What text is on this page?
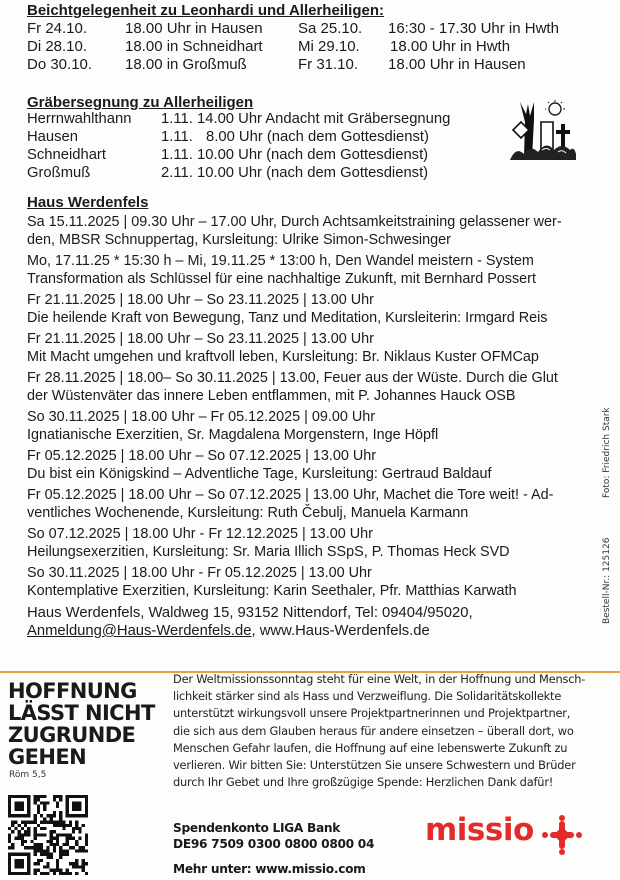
Beichtgelegenheit zu Leonhardi und Allerheiligen:
Fr 24.10.	18.00 Uhr in Hausen Sa 25.10. 16:30 - 17.30 Uhr in Hwth
Di 28.10.	18.00 in Schneidhart Mi 29.10. 18.00 Uhr in Hwth
Do 30.10. 18.00 in Großmuß	Fr 31.10. 18.00 Uhr in Hausen
Gräbersegnung zu Allerheiligen
Herrnwahlthann 1.11. 14.00 Uhr Andacht mit Gräbersegnung
Hausen	1.11. 8.00 Uhr (nach dem Gottesdienst)
Schneidhart	1.11. 10.00 Uhr (nach dem Gottesdienst)
Großmuß	2.11. 10.00 Uhr (nach dem Gottesdienst)
Haus Werdenfels

Sa 15.11.2025 | 09.30 Uhr – 17.00 Uhr, Durch Achtsamkeitstraining gelassener wer-

den, MBSR Schnuppertag, Kursleitung: Ulrike Simon-Schwesinger

Mo, 17.11.25 * 15:30 h – Mi, 19.11.25 * 13:00 h, Den Wandel meistern - System

Transformation als Schlüssel für eine nachhaltige Zukunft, mit Bernhard Possert

Fr 21.11.2025 | 18.00 Uhr – So 23.11.2025 | 13.00 Uhr

Die heilende Kraft von Bewegung, Tanz und Meditation, Kursleiterin: Irmgard Reis

Fr 21.11.2025 | 18.00 Uhr – So 23.11.2025 | 13.00 Uhr

Mit Macht umgehen und kraftvoll leben, Kursleitung: Br. Niklaus Kuster OFMCap

Fr 28.11.2025 | 18.00– So 30.11.2025 | 13.00, Feuer aus der Wüste. Durch die Glut

der Wüstenväter das innere Leben entflammen, mit P. Johannes Hauck OSB

So 30.11.2025 | 18.00 Uhr – Fr 05.12.2025 | 09.00 Uhr

Ignatianische Exerzitien, Sr. Magdalena Morgenstern, Inge Höpfl

Fr 05.12.2025 | 18.00 Uhr – So 07.12.2025 | 13.00 Uhr

Du bist ein Königskind – Adventliche Tage, Kursleitung: Gertraud Baldauf

Fr 05.12.2025 | 18.00 Uhr – So 07.12.2025 | 13.00 Uhr, Machet die Tore weit! - Ad-

ventliches Wochenende, Kursleitung: Ruth Čebulj, Manuela Karmann

So 07.12.2025 | 18.00 Uhr - Fr 12.12.2025 | 13.00 Uhr

Heilungsexerzitien, Kursleitung: Sr. Maria Illich SSpS, P. Thomas Heck SVD

So 30.11.2025 | 18.00 Uhr - Fr 05.12.2025 | 13.00 Uhr

Kontemplative Exerzitien, Kursleitung: Karin Seethaler, Pfr. Matthias Karwath

Haus Werdenfels, Waldweg 15, 93152 Nittendorf, Tel: 09404/95020,

Anmeldung@Haus-Werdenfels.de, www.Haus-Werdenfels.de

Foto: Friedrich Stark
Bestell-Nr.: 125126
HOFFNUNG
LÄSST NICHT
ZUGRUNDE
GEHEN
Röm 5,5

Der Weltmissionssonntag steht für eine Welt, in der Hoffnung und Mensch-

lichkeit stärker sind als Hass und Verzweiflung. Die Solidaritätskollekte

unterstützt wirkungsvoll unsere Projektpartnerinnen und Projektpartner,

die sich aus dem Glauben heraus für andere einsetzen – überall dort, wo

Menschen Gefahr laufen, die Hoffnung auf eine lebenswerte Zukunft zu

verlieren. Wir bitten Sie: Unterstützen Sie unsere Schwestern und Brüder

durch Ihr Gebet und Ihre großzügige Spende: Herzlichen Dank dafür!

Spendenkonto LIGA Bank
DE96 7509 0300 0800 0800 04
Mehr unter: www.missio.com
missio
